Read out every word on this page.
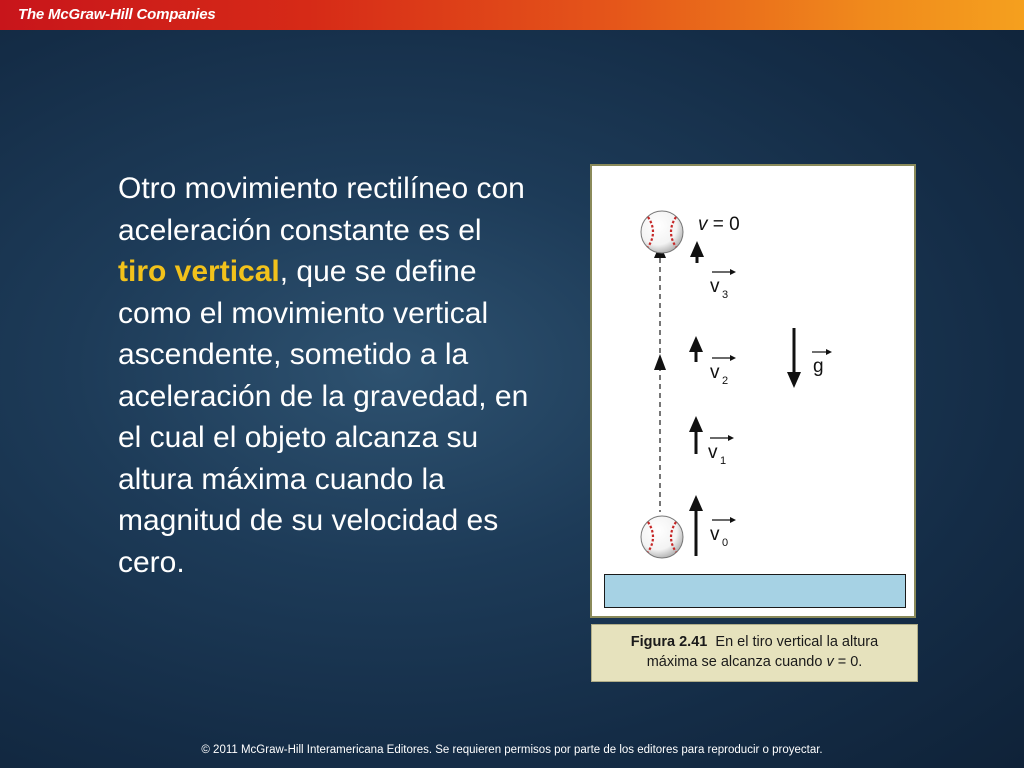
The McGraw-Hill Companies
Otro movimiento rectilíneo con aceleración constante es el tiro vertical, que se define como el movimiento vertical ascendente, sometido a la aceleración de la gravedad, en el cual el objeto alcanza su altura máxima cuando la magnitud de su velocidad es cero.
v = 0
v 3
v 2
v 1
v 0
g
Figura 2.41 En el tiro vertical la altura
máxima se alcanza cuando v = 0.
© 2011 McGraw-Hill Interamericana Editores. Se requieren permisos por parte de los editores para reproducir o proyectar.
